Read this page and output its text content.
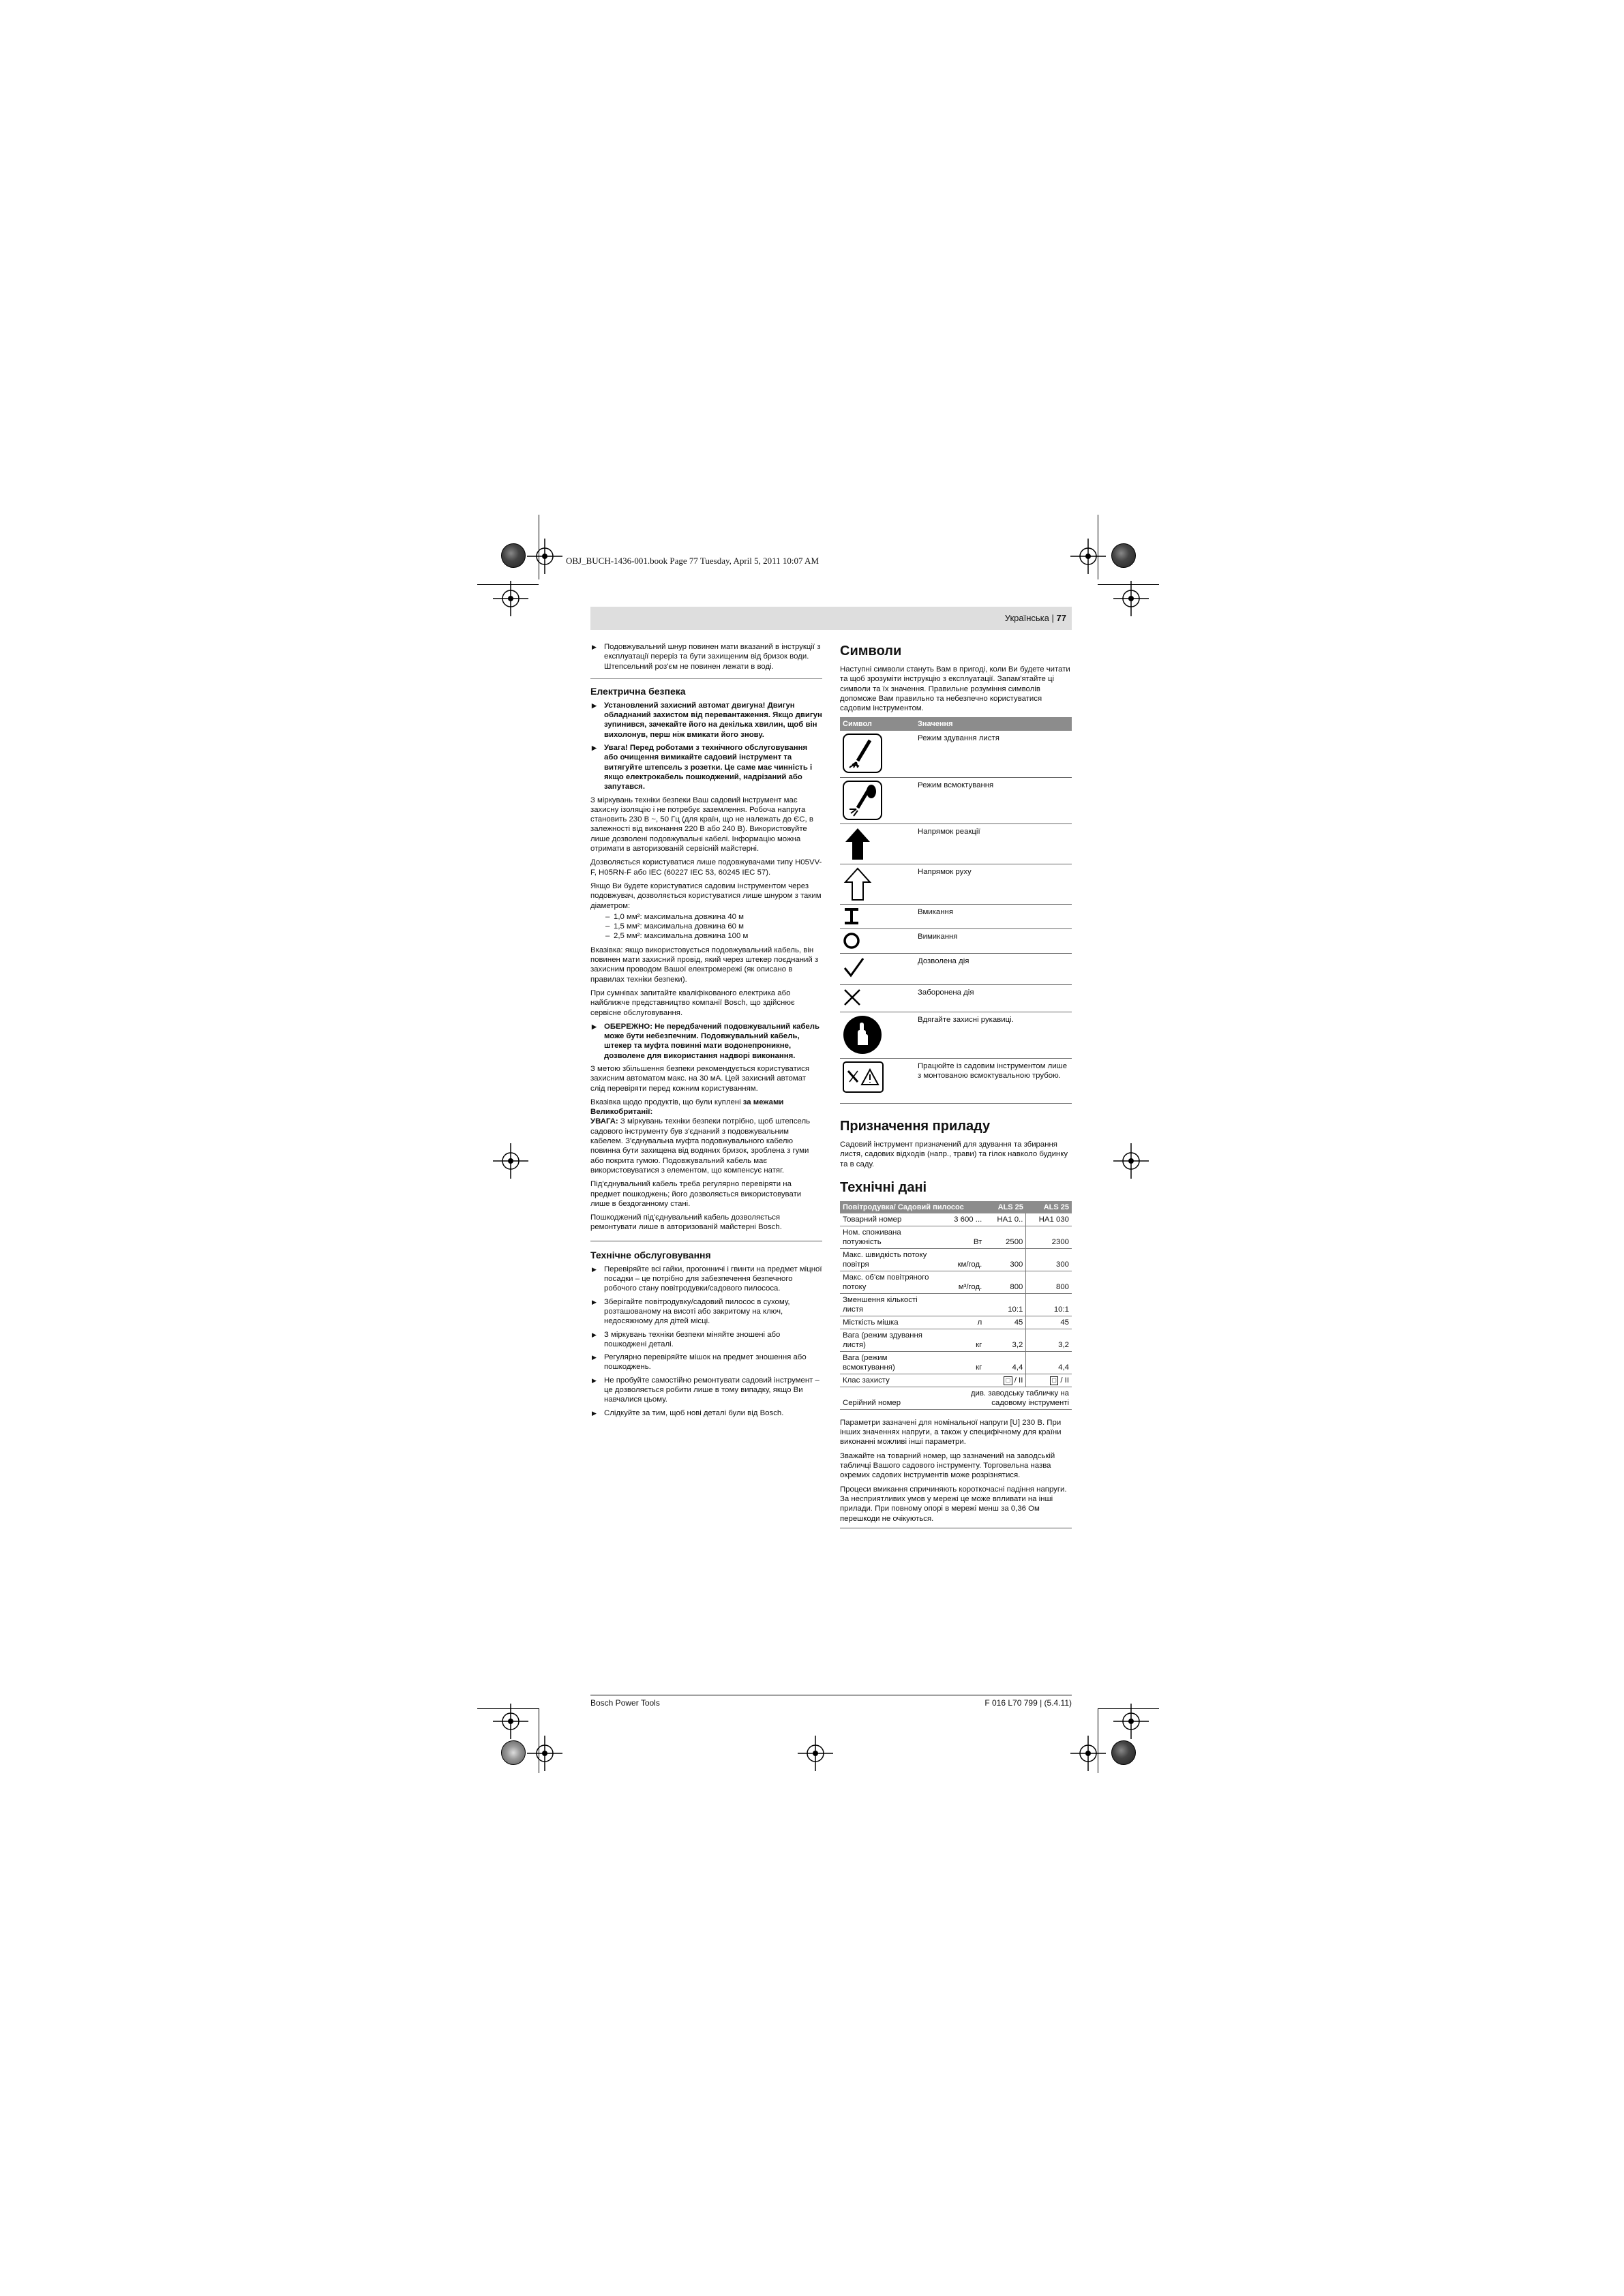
OBJ_BUCH-1436-001.book Page 77 Tuesday, April 5, 2011 10:07 AM
Українська | 77
▶ Подовжувальний шнур повинен мати вказаний в інструкції з експлуатації переріз та бути захищеним від бризок води. Штепсельний роз'єм не повинен лежати в воді.
Електрична безпека
▶ Установлений захисний автомат двигуна! Двигун обладнаний захистом від перевантаження. Якщо двигун зупинився, зачекайте його на декілька хвилин, щоб він вихолонув, перш ніж вмикати його знову.
▶ Увага! Перед роботами з технічного обслуговування або очищення вимикайте садовий інструмент та витягуйте штепсель з розетки. Це саме має чинність і якщо електрокабель пошкоджений, надрізаний або запутався.

З міркувань техніки безпеки Ваш садовий інструмент має захисну ізоляцію і не потребує заземлення. Робоча напруга становить 230 В ~, 50 Гц (для країн, що не належать до ЄС, в залежності від виконання 220 В або 240 В). Використовуйте лише дозволені подовжувальні кабелі. Інформацію можна отримати в авторизованій сервісній майстерні.

Дозволяється користуватися лише подовжувачами типу H05VV-F, H05RN-F або IEC (60227 IEC 53, 60245 IEC 57).

Якщо Ви будете користуватися садовим інструментом через подовжувач, дозволяється користуватися лише шнуром з таким діаметром:

– 1,0 мм²: максимальна довжина 40 м
– 1,5 мм²: максимальна довжина 60 м
– 2,5 мм²: максимальна довжина 100 м

Вказівка: якщо використовується подовжувальний кабель, він повинен мати захисний провід, який через штекер поєднаний з захисним проводом Вашої електромережі (як описано в правилах техніки безпеки).

При сумнівах запитайте кваліфікованого електрика або найближче представництво компанії Bosch, що здійснює сервісне обслуговування.

▶ ОБЕРЕЖНО: Не передбачений подовжувальний кабель може бути небезпечним. Подовжувальний кабель, штекер та муфта повинні мати водонепроникне, дозволене для використання надворі виконання.

З метою збільшення безпеки рекомендується користуватися захисним автоматом макс. на 30 мА. Цей захисний автомат слід перевіряти перед кожним користуванням.

Вказівка щодо продуктів, що були куплені за межами Великобританії:

УВАГА: З міркувань техніки безпеки потрібно, щоб штепсель садового інструменту був з'єднаний з подовжувальним кабелем. З'єднувальна муфта подовжувального кабелю повинна бути захищена від водяних бризок, зроблена з гуми або покрита гумою. Подовжувальний кабель має використовуватися з елементом, що компенсує натяг.

Під'єднувальний кабель треба регулярно перевіряти на предмет пошкоджень; його дозволяється використовувати лише в бездоганному стані.

Пошкоджений під'єднувальний кабель дозволяється ремонтувати лише в авторизованій майстерні Bosch.

Технічне обслуговування
▶ Перевіряйте всі гайки, прогонничі і гвинти на предмет міцної посадки – це потрібно для забезпечення безпечного робочого стану повітродувки/садового пилососа.
▶ Зберігайте повітродувку/садовий пилосос в сухому, розташованому на висоті або закритому на ключ, недосяжному для дітей місці.
▶ З міркувань техніки безпеки міняйте зношені або пошкоджені деталі.
▶ Регулярно перевіряйте мішок на предмет зношення або пошкоджень.
▶ Не пробуйте самостійно ремонтувати садовий інструмент – це дозволяється робити лише в тому випадку, якщо Ви навчалися цьому.
▶ Слідкуйте за тим, щоб нові деталі були від Bosch.
Символи

Наступні символи стануть Вам в пригоді, коли Ви будете читати та щоб зрозуміти інструкцію з експлуатації. Запам'ятайте ці символи та їх значення. Правильне розуміння символів допоможе Вам правильно та небезпечно користуватися садовим інструментом.

Символ	Значення

	Режим здування листя

	Режим всмоктування

	Напрямок реакції

	Напрямок руху

	Вмикання

	Вимикання

	Дозволена дія

	Заборонена дія

	Вдягайте захисні рукавиці.

	Працюйте із садовим інструментом лише з монтованою всмоктувальною трубою.
Призначення приладу

Садовий інструмент призначений для здування та збирання листя, садових відходів (напр., трави) та гілок навколо будинку та в саду.

Технічні дані
Повітродувка/ Садовий пилосос		ALS 25	ALS 25
Товарний номер	3 600 ...	HA1 0..	HA1 030
Ном. споживана потужність	Вт	2500	2300
Макс. швидкість потоку повітря	км/год.	300	300
Макс. об'єм повітряного потоку	м³/год.	800	800
Зменшення кількості листя		10:1	10:1
Місткість мішка	л	45	45
Вага (режим здування листя)	кг	3,2	3,2
Вага (режим всмоктування)	кг	4,4	4,4
Клас захисту		□ / II	□ / II
Серійний номер	див. заводську табличку на садовому інструменті		

Параметри зазначені для номінальної напруги [U] 230 В. При інших значеннях напруги, а також у специфічному для країни виконанні можливі інші параметри.

Зважайте на товарний номер, що зазначений на заводській табличці Вашого садового інструменту. Торговельна назва окремих садових інструментів може розрізнятися.

Процеси вмикання спричиняють короткочасні падіння напруги. За несприятливих умов у мережі це може впливати на інші прилади. При повному опорі в мережі менш за 0,36 Ом перешкоди не очікуються.

Bosch Power Tools	F 016 L70 799 | (5.4.11)
